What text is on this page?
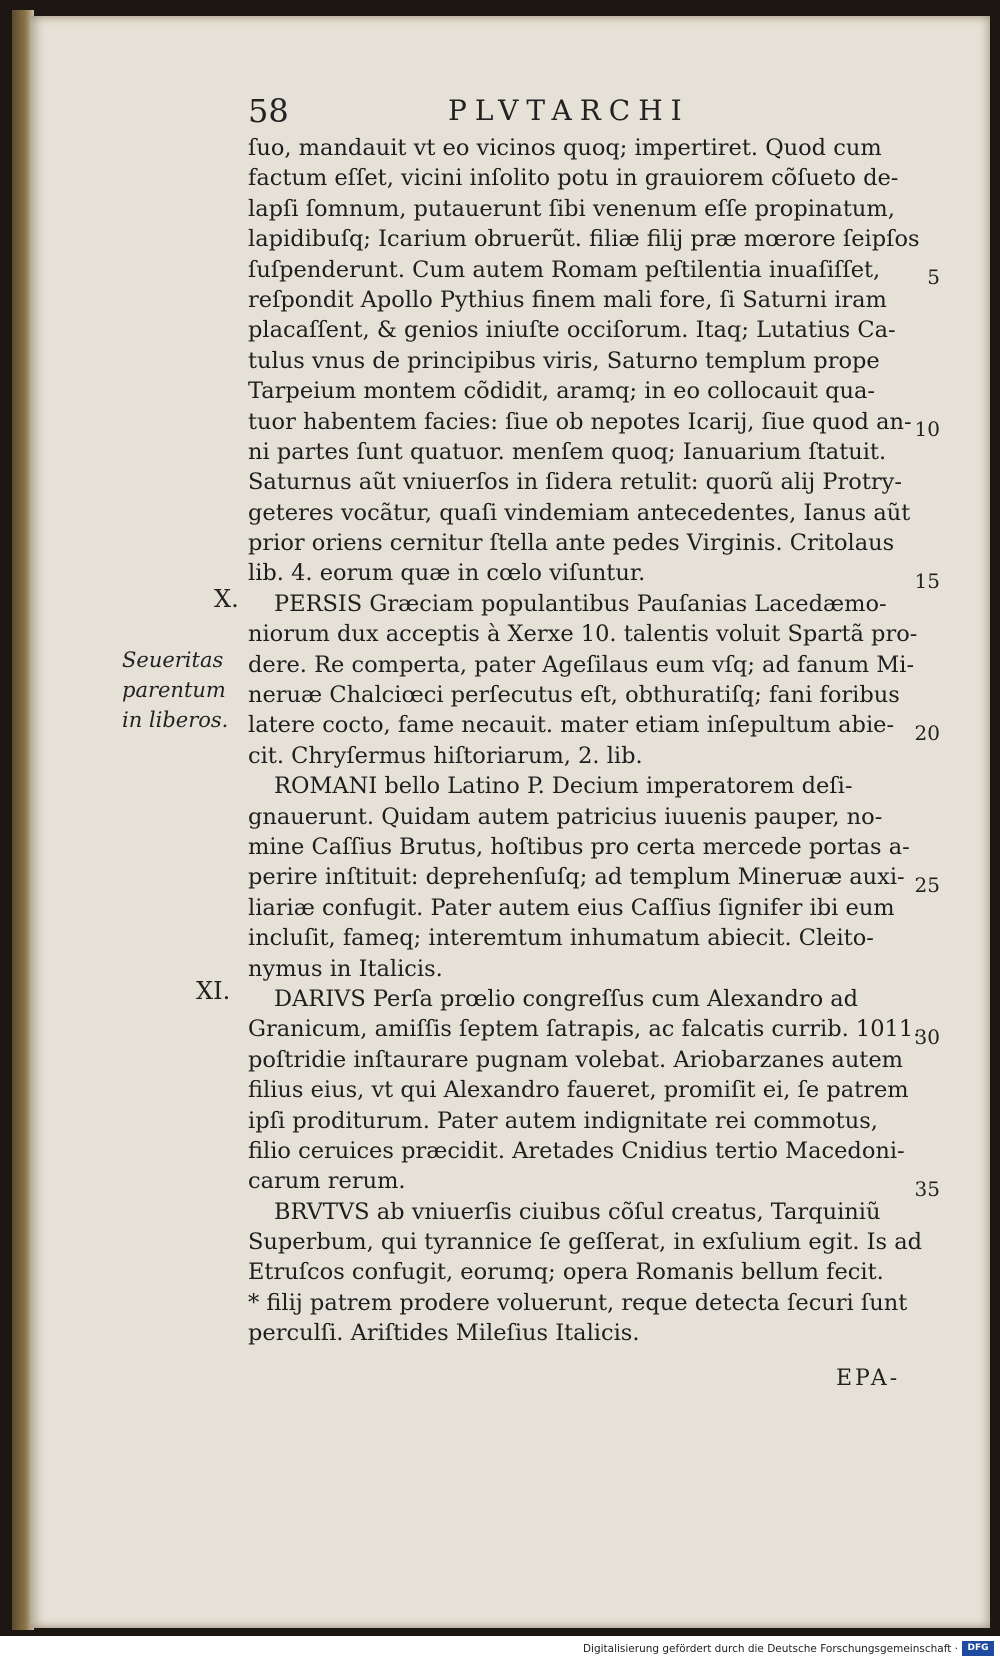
58	PLVTARCHI
ſuo, mandauit vt eo vicinos quoq; impertiret. Quod cum
factum eſſet, vicini inſolito potu in grauiorem cõſueto de-
lapſi ſomnum, putauerunt ſibi venenum eſſe propinatum,
lapidibuſq; Icarium obruerũt. filiæ filij præ mœrore ſeipſos
ſuſpenderunt. Cum autem Romam peſtilentia inuaſiſſet,
reſpondit Apollo Pythius finem mali fore, ſi Saturni iram
placaſſent, & genios iniuſte occiſorum. Itaq; Lutatius Ca-
tulus vnus de principibus viris, Saturno templum prope
Tarpeium montem cõdidit, aramq; in eo collocauit qua-
tuor habentem facies: ſiue ob nepotes Icarij, ſiue quod an-
ni partes ſunt quatuor. menſem quoq; Ianuarium ſtatuit.
Saturnus aũt vniuerſos in ſidera retulit: quorũ alij Protry-
geteres vocãtur, quaſi vindemiam antecedentes, Ianus aũt
prior oriens cernitur ſtella ante pedes Virginis. Critolaus
lib. 4. eorum quæ in cœlo viſuntur.
PERSIS Græciam populantibus Pauſanias Lacedæmo-
niorum dux acceptis à Xerxe 10. talentis voluit Spartã pro-
dere. Re comperta, pater Ageſilaus eum vſq; ad fanum Mi-
neruæ Chalciœci perſecutus eſt, obthuratiſq; fani foribus
latere cocto, fame necauit. mater etiam inſepultum abie-
cit. Chryſermus hiſtoriarum, 2. lib.
ROMANI bello Latino P. Decium imperatorem deſi-
gnauerunt. Quidam autem patricius iuuenis pauper, no-
mine Caſſius Brutus, hoſtibus pro certa mercede portas a-
perire inſtituit: deprehenſuſq; ad templum Mineruæ auxi-
liariæ confugit. Pater autem eius Caſſius ſignifer ibi eum
incluſit, fameq; interemtum inhumatum abiecit. Cleito-
nymus in Italicis.
DARIVS Perſa prœlio congreſſus cum Alexandro ad
Granicum, amiſſis ſeptem ſatrapis, ac falcatis currib. 1011.
poſtridie inſtaurare pugnam volebat. Ariobarzanes autem
filius eius, vt qui Alexandro faueret, promiſit ei, ſe patrem
ipſi proditurum. Pater autem indignitate rei commotus,
filio ceruices præcidit. Aretades Cnidius tertio Macedoni-
carum rerum.
BRVTVS ab vniuerſis ciuibus cõſul creatus, Tarquiniũ
Superbum, qui tyrannice ſe geſſerat, in exſulium egit. Is ad
Etruſcos confugit, eorumq; opera Romanis bellum fecit.
* filij patrem prodere voluerunt, reque detecta ſecuri ſunt
perculſi. Ariſtides Mileſius Italicis.
5
10
15
20
25
30
35
X.
XI.
Seueritas
parentum
in liberos.
EPA-
Digitalisierung gefördert durch die Deutsche Forschungsgemeinschaft ·	DFG
